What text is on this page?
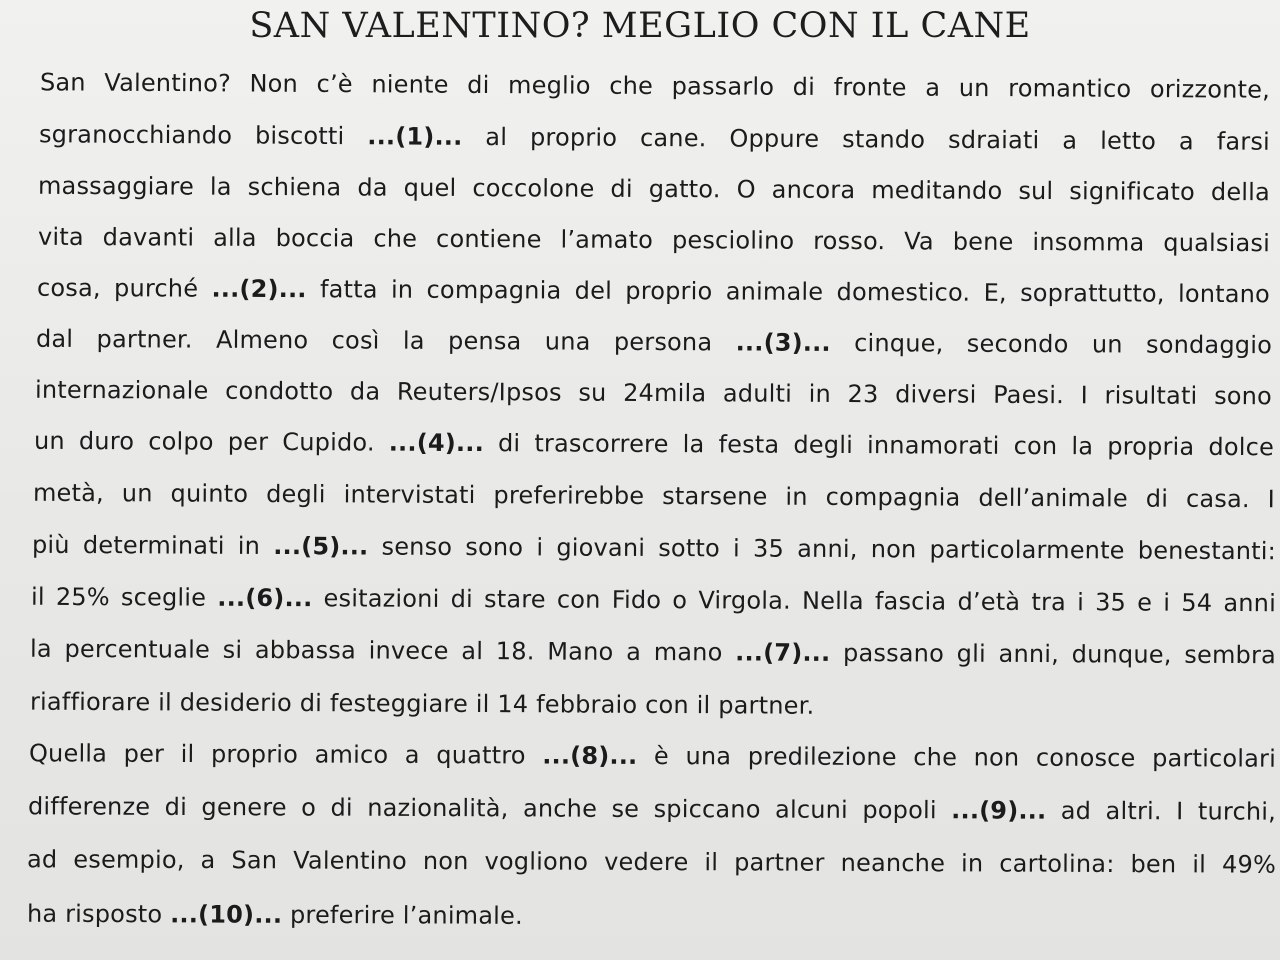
SAN VALENTINO? MEGLIO CON IL CANE
San Valentino? Non c’è niente di meglio che passarlo di fronte a un romantico orizzonte,
sgranocchiando biscotti ...(1)... al proprio cane. Oppure stando sdraiati a letto a farsi
massaggiare la schiena da quel coccolone di gatto. O ancora meditando sul significato della
vita davanti alla boccia che contiene l’amato pesciolino rosso. Va bene insomma qualsiasi
cosa, purché ...(2)... fatta in compagnia del proprio animale domestico. E, soprattutto, lontano
dal partner. Almeno così la pensa una persona ...(3)... cinque, secondo un sondaggio
internazionale condotto da Reuters/Ipsos su 24mila adulti in 23 diversi Paesi. I risultati sono
un duro colpo per Cupido. ...(4)... di trascorrere la festa degli innamorati con la propria dolce
metà, un quinto degli intervistati preferirebbe starsene in compagnia dell’animale di casa. I
più determinati in ...(5)... senso sono i giovani sotto i 35 anni, non particolarmente benestanti:
il 25% sceglie ...(6)... esitazioni di stare con Fido o Virgola. Nella fascia d’età tra i 35 e i 54 anni
la percentuale si abbassa invece al 18. Mano a mano ...(7)... passano gli anni, dunque, sembra
riaffiorare il desiderio di festeggiare il 14 febbraio con il partner.
Quella per il proprio amico a quattro ...(8)... è una predilezione che non conosce particolari
differenze di genere o di nazionalità, anche se spiccano alcuni popoli ...(9)... ad altri. I turchi,
ad esempio, a San Valentino non vogliono vedere il partner neanche in cartolina: ben il 49%
ha risposto ...(10)... preferire l’animale.
